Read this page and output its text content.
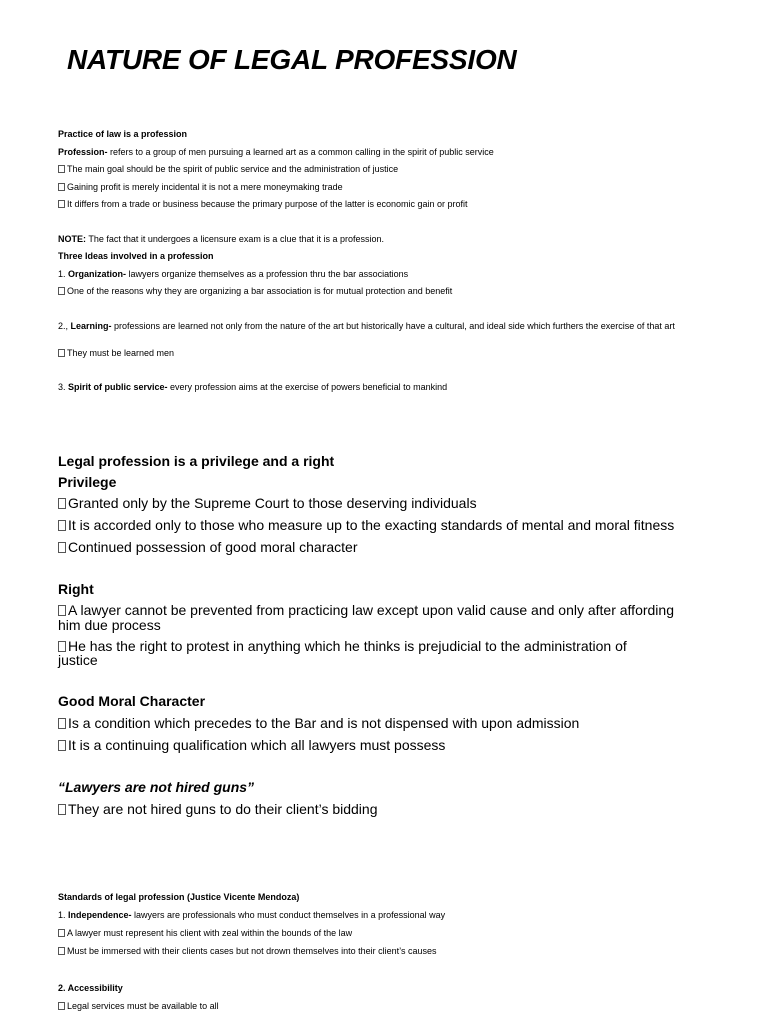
NATURE OF LEGAL PROFESSION

Practice of law is a profession

Profession- refers to a group of men pursuing a learned art as a common calling in the spirit of public service

The main goal should be the spirit of public service and the administration of justice

Gaining profit is merely incidental it is not a mere moneymaking trade

It differs from a trade or business because the primary purpose of the latter is economic gain or profit

NOTE: The fact that it undergoes a licensure exam is a clue that it is a profession.

Three Ideas involved in a profession

1. Organization- lawyers organize themselves as a profession thru the bar associations

One of the reasons why they are organizing a bar association is for mutual protection and benefit

2., Learning- professions are learned not only from the nature of the art but historically have a cultural, and ideal side which furthers the exercise of that art

They must be learned men

3. Spirit of public service- every profession aims at the exercise of powers beneficial to mankind

Legal profession is a privilege and a right

Privilege

Granted only by the Supreme Court to those deserving individuals

It is accorded only to those who measure up to the exacting standards of mental and moral fitness

Continued possession of good moral character

Right

A lawyer cannot be prevented from practicing law except upon valid cause and only after affording

him due process

He has the right to protest in anything which he thinks is prejudicial to the administration of

justice

Good Moral Character

Is a condition which precedes to the Bar and is not dispensed with upon admission

It is a continuing qualification which all lawyers must possess

“Lawyers are not hired guns”

They are not hired guns to do their client’s bidding

Standards of legal profession (Justice Vicente Mendoza)

1. Independence- lawyers are professionals who must conduct themselves in a professional way

A lawyer must represent his client with zeal within the bounds of the law

Must be immersed with their clients cases but not drown themselves into their client’s causes

2. Accessibility

Legal services must be available to all
